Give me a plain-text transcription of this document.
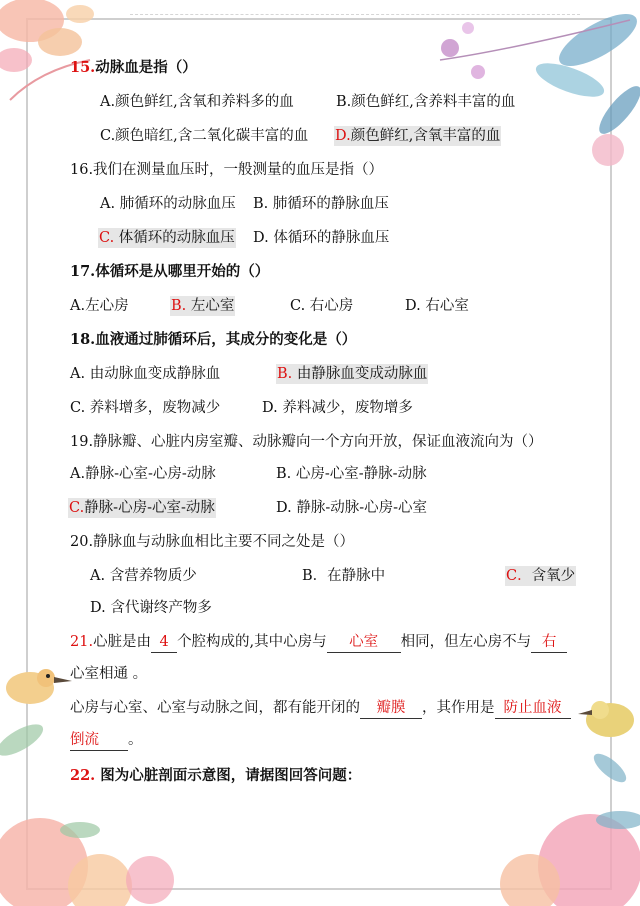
15.动脉血是指（）
A.颜色鲜红,含氧和养料多的血	B.颜色鲜红,含养料丰富的血
C.颜色暗红,含二氧化碳丰富的血 D.颜色鲜红,含氧丰富的血
16.我们在测量血压时，一般测量的血压是指（）
A. 肺循环的动脉血压 B. 肺循环的静脉血压
C. 体循环的动脉血压 D. 体循环的静脉血压
17.体循环是从哪里开始的（）
A.左心房	B. 左心室	C. 右心房	D. 右心室
18.血液通过肺循环后，其成分的变化是（）
A. 由动脉血变成静脉血	B. 由静脉血变成动脉血
C. 养料增多，废物减少	D. 养料减少，废物增多
19.静脉瓣、心脏内房室瓣、动脉瓣向一个方向开放，保证血液流向为（）
A.静脉-心室-心房-动脉	B. 心房-心室-静脉-动脉
C.静脉-心房-心室-动脉	D. 静脉-动脉-心房-心室
20.静脉血与动脉血相比主要不同之处是（）
A. 含营养物质少	B．在静脉中	C．含氧少
D. 含代谢终产物多
21.心脏是由 4 个腔构成的,其中心房与 心室 相同，但左心房不与 右
心室相通 。
心房与心室、心室与动脉之间，都有能开闭的 瓣膜 ，其作用是 防止血液
倒流 。
22. 图为心脏剖面示意图，请据图回答问题：
